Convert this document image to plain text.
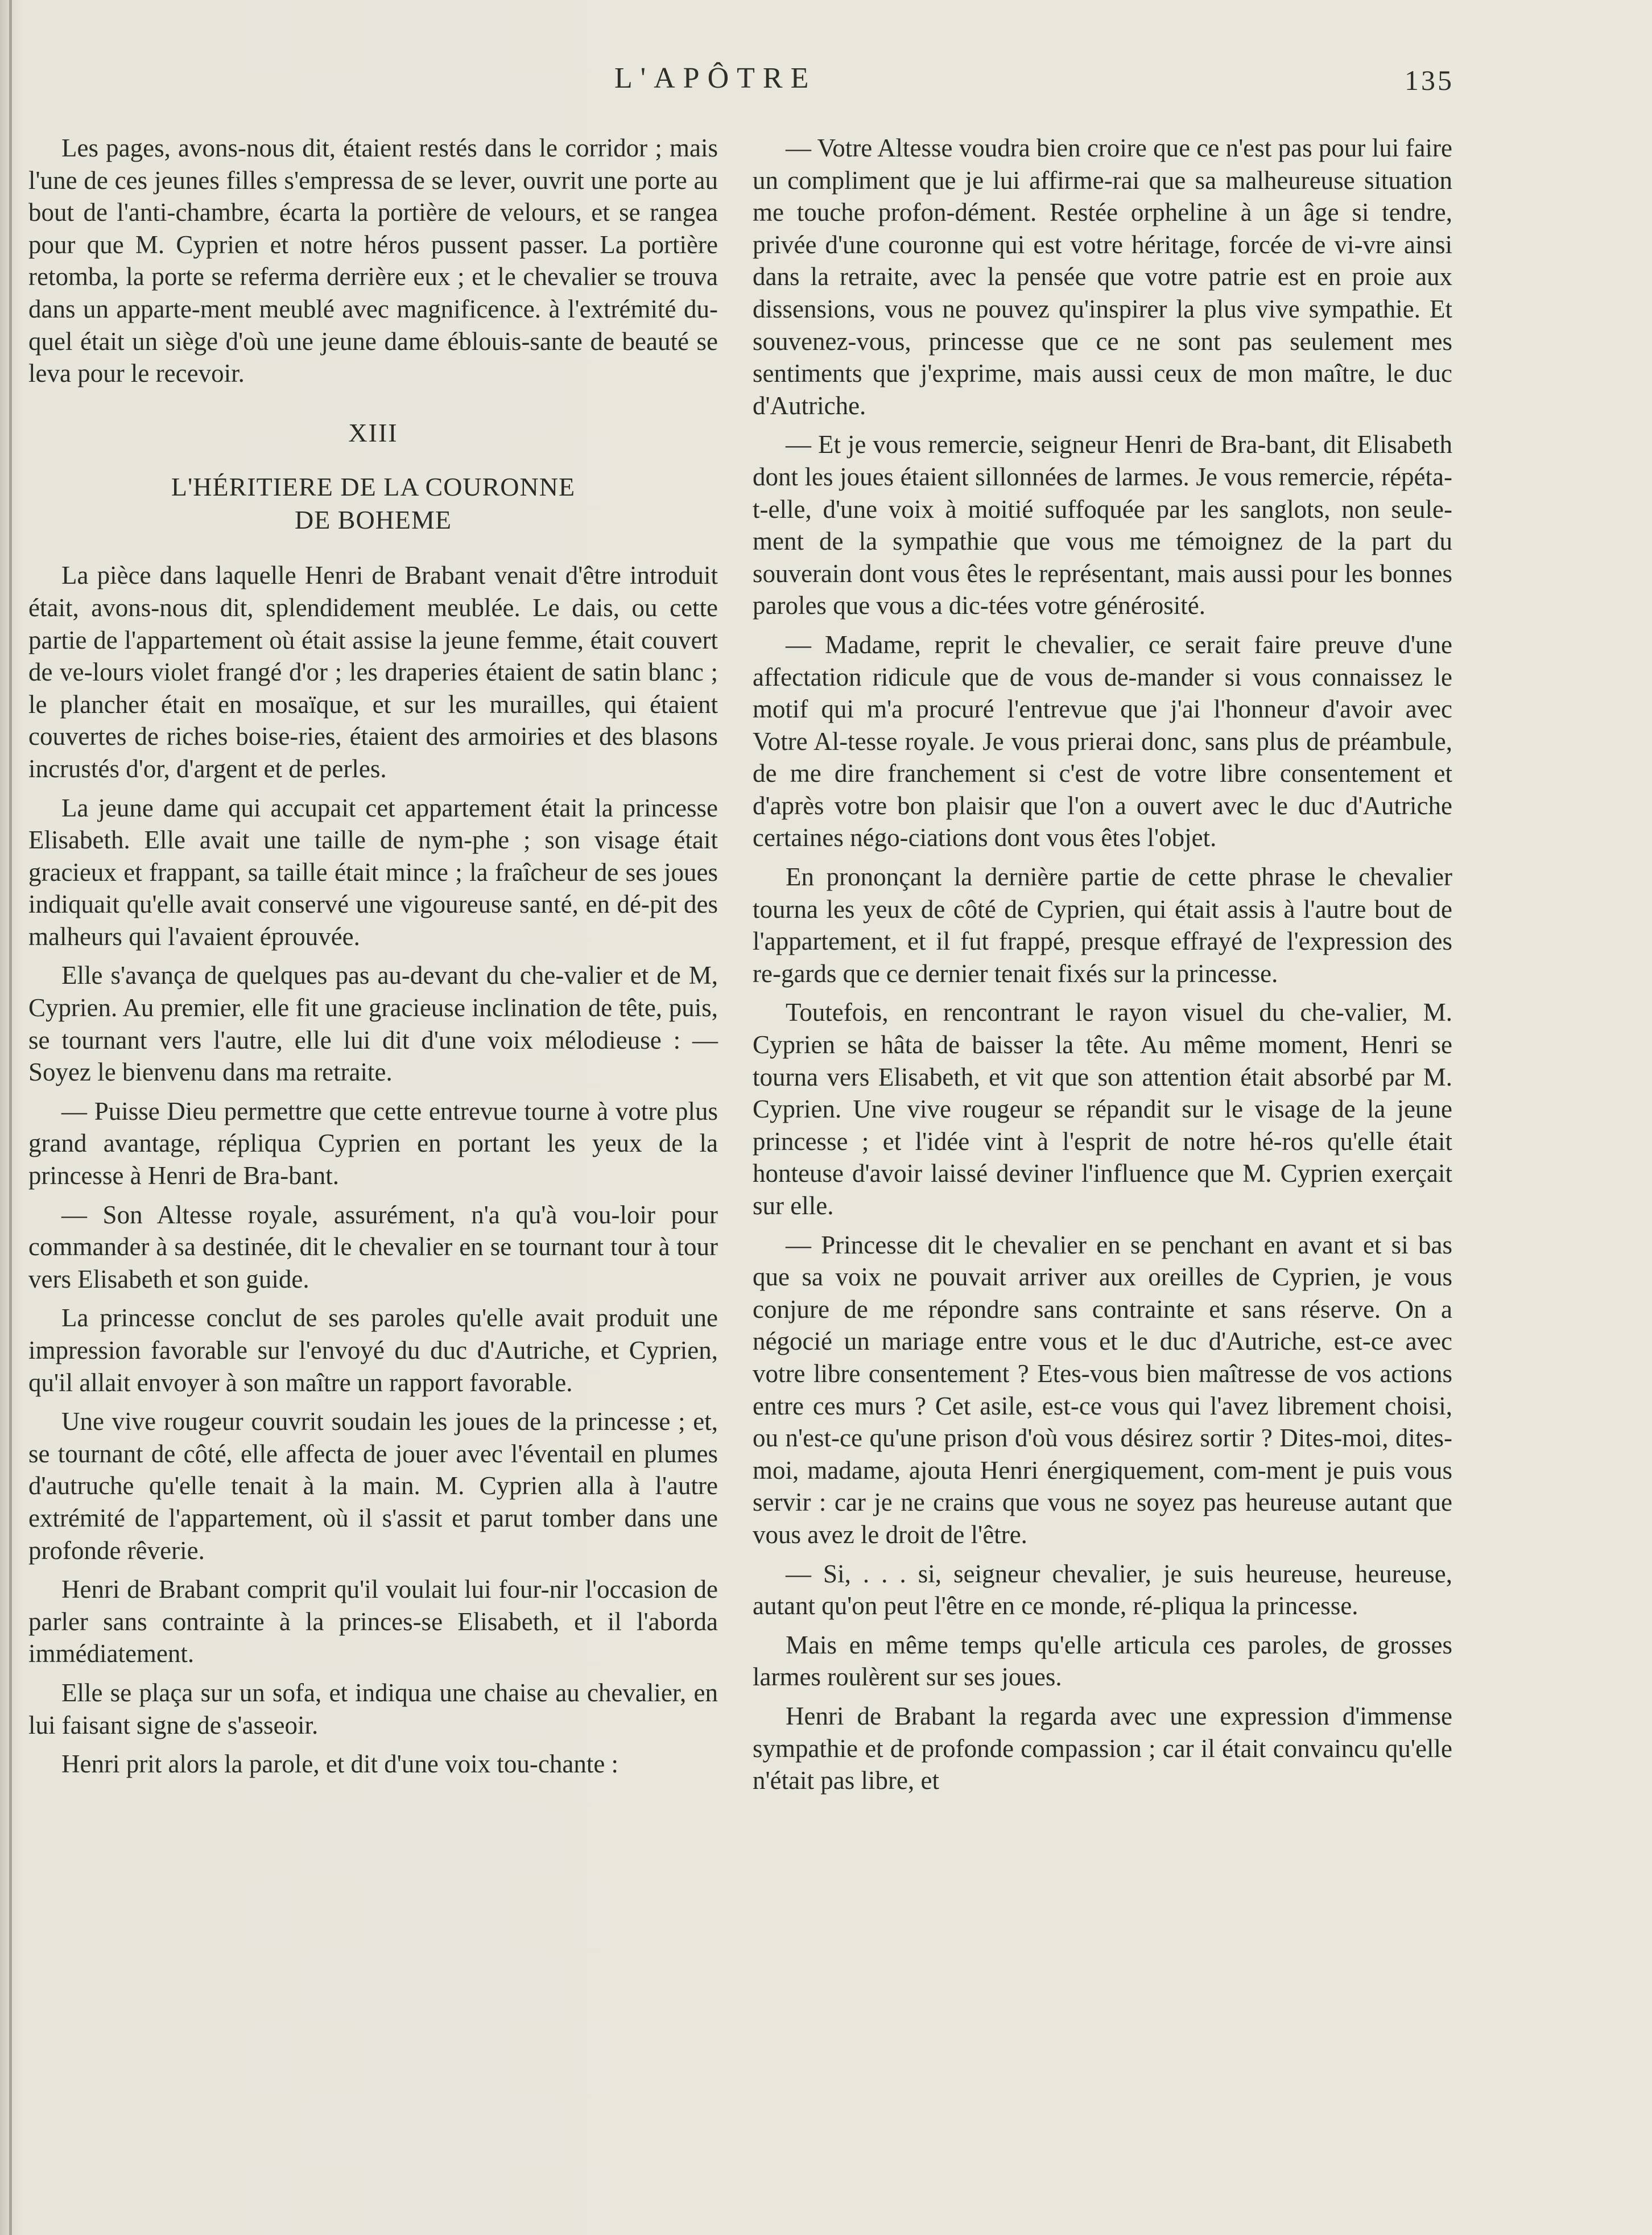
L'APÔTRE	135

Les pages, avons-nous dit, étaient restés dans le corridor ; mais l'une de ces jeunes filles s'empressa de se lever, ouvrit une porte au bout de l'anti-chambre, écarta la portière de velours, et se rangea pour que M. Cyprien et notre héros pussent passer. La portière retomba, la porte se referma derrière eux ; et le chevalier se trouva dans un apparte-ment meublé avec magnificence. à l'extrémité du-quel était un siège d'où une jeune dame éblouis-sante de beauté se leva pour le recevoir.

XIII

L'HÉRITIERE DE LA COURONNE
DE BOHEME

La pièce dans laquelle Henri de Brabant venait d'être introduit était, avons-nous dit, splendidement meublée. Le dais, ou cette partie de l'appartement où était assise la jeune femme, était couvert de ve-lours violet frangé d'or ; les draperies étaient de satin blanc ; le plancher était en mosaïque, et sur les murailles, qui étaient couvertes de riches boise-ries, étaient des armoiries et des blasons incrustés d'or, d'argent et de perles.

La jeune dame qui accupait cet appartement était la princesse Elisabeth. Elle avait une taille de nym-phe ; son visage était gracieux et frappant, sa taille était mince ; la fraîcheur de ses joues indiquait qu'elle avait conservé une vigoureuse santé, en dé-pit des malheurs qui l'avaient éprouvée.

Elle s'avança de quelques pas au-devant du che-valier et de M, Cyprien. Au premier, elle fit une gracieuse inclination de tête, puis, se tournant vers l'autre, elle lui dit d'une voix mélodieuse : — Soyez le bienvenu dans ma retraite.

— Puisse Dieu permettre que cette entrevue tourne à votre plus grand avantage, répliqua Cyprien en portant les yeux de la princesse à Henri de Bra-bant.

— Son Altesse royale, assurément, n'a qu'à vou-loir pour commander à sa destinée, dit le chevalier en se tournant tour à tour vers Elisabeth et son guide.

La princesse conclut de ses paroles qu'elle avait produit une impression favorable sur l'envoyé du duc d'Autriche, et Cyprien, qu'il allait envoyer à son maître un rapport favorable.

Une vive rougeur couvrit soudain les joues de la princesse ; et, se tournant de côté, elle affecta de jouer avec l'éventail en plumes d'autruche qu'elle tenait à la main. M. Cyprien alla à l'autre extrémité de l'appartement, où il s'assit et parut tomber dans une profonde rêverie.

Henri de Brabant comprit qu'il voulait lui four-nir l'occasion de parler sans contrainte à la princes-se Elisabeth, et il l'aborda immédiatement.

Elle se plaça sur un sofa, et indiqua une chaise au chevalier, en lui faisant signe de s'asseoir.

Henri prit alors la parole, et dit d'une voix tou-chante :

— Votre Altesse voudra bien croire que ce n'est pas pour lui faire un compliment que je lui affirme-rai que sa malheureuse situation me touche profon-dément. Restée orpheline à un âge si tendre, privée d'une couronne qui est votre héritage, forcée de vi-vre ainsi dans la retraite, avec la pensée que votre patrie est en proie aux dissensions, vous ne pouvez qu'inspirer la plus vive sympathie. Et souvenez-vous, princesse que ce ne sont pas seulement mes sentiments que j'exprime, mais aussi ceux de mon maître, le duc d'Autriche.

— Et je vous remercie, seigneur Henri de Bra-bant, dit Elisabeth dont les joues étaient sillonnées de larmes. Je vous remercie, répéta-t-elle, d'une voix à moitié suffoquée par les sanglots, non seule-ment de la sympathie que vous me témoignez de la part du souverain dont vous êtes le représentant, mais aussi pour les bonnes paroles que vous a dic-tées votre générosité.

— Madame, reprit le chevalier, ce serait faire preuve d'une affectation ridicule que de vous de-mander si vous connaissez le motif qui m'a procuré l'entrevue que j'ai l'honneur d'avoir avec Votre Al-tesse royale. Je vous prierai donc, sans plus de préambule, de me dire franchement si c'est de votre libre consentement et d'après votre bon plaisir que l'on a ouvert avec le duc d'Autriche certaines négo-ciations dont vous êtes l'objet.

En prononçant la dernière partie de cette phrase le chevalier tourna les yeux de côté de Cyprien, qui était assis à l'autre bout de l'appartement, et il fut frappé, presque effrayé de l'expression des re-gards que ce dernier tenait fixés sur la princesse.

Toutefois, en rencontrant le rayon visuel du che-valier, M. Cyprien se hâta de baisser la tête. Au même moment, Henri se tourna vers Elisabeth, et vit que son attention était absorbé par M. Cyprien. Une vive rougeur se répandit sur le visage de la jeune princesse ; et l'idée vint à l'esprit de notre hé-ros qu'elle était honteuse d'avoir laissé deviner l'influence que M. Cyprien exerçait sur elle.

— Princesse dit le chevalier en se penchant en avant et si bas que sa voix ne pouvait arriver aux oreilles de Cyprien, je vous conjure de me répondre sans contrainte et sans réserve. On a négocié un mariage entre vous et le duc d'Autriche, est-ce avec votre libre consentement ? Etes-vous bien maîtresse de vos actions entre ces murs ? Cet asile, est-ce vous qui l'avez librement choisi, ou n'est-ce qu'une prison d'où vous désirez sortir ? Dites-moi, dites-moi, madame, ajouta Henri énergiquement, com-ment je puis vous servir : car je ne crains que vous ne soyez pas heureuse autant que vous avez le droit de l'être.

— Si, . . . si, seigneur chevalier, je suis heureuse, heureuse, autant qu'on peut l'être en ce monde, ré-pliqua la princesse.

Mais en même temps qu'elle articula ces paroles, de grosses larmes roulèrent sur ses joues.

Henri de Brabant la regarda avec une expression d'immense sympathie et de profonde compassion ; car il était convaincu qu'elle n'était pas libre, et
